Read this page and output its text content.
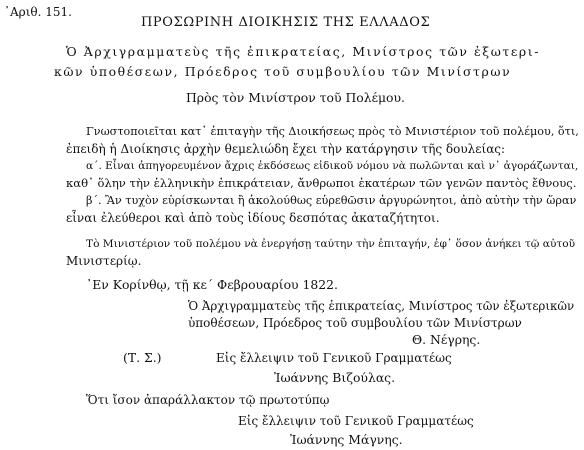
᾿Αριθ. 151.
ΠΡΟΣΩΡΙΝΗ ΔΙΟΙΚΗΣΙΣ ΤΗΣ ΕΛΛΑΔΟΣ
Ὁ Ἀρχιγραμματεὺς τῆς ἐπικρατείας, Μινίστρος τῶν ἐξωτερι-
κῶν ὑποθέσεων, Πρόεδρος τοῦ συμβουλίου τῶν Μινίστρων
Πρὸς τὸν Μινίστρον τοῦ Πολέμου.
Γνωστοποιεῖται κατ᾿ ἐπιταγὴν τῆς Διοικήσεως πρὸς τὸ Μινιστέριον τοῦ πολέμου, ὅτι,
ἐπειδὴ ἡ Διοίκησις ἀρχὴν θεμελιώδη ἔχει τὴν κατάργησιν τῆς δουλείας:
α΄. Εἶναι ἀπηγορευμένον ἄχρις ἐκδόσεως εἰδικοῦ νόμου νὰ πωλῶνται καὶ ν᾿ ἀγοράζωνται,
καθ᾿ ὅλην τὴν ἑλληνικὴν ἐπικράτειαν, ἄνθρωποι ἑκατέρων τῶν γενῶν παντὸς ἔθνους.
β΄. Ἂν τυχὸν εὑρίσκωνται ἢ ἀκολούθως εὑρεθῶσιν ἀργυρώνητοι, ἀπὸ αὐτὴν τὴν ὥραν
εἶναι ἐλεύθεροι καὶ ἀπὸ τοὺς ἰδίους δεσπότας ἀκαταζήτητοι.
Τὸ Μινιστέριον τοῦ πολέμου νὰ ἐνεργήσῃ ταύτην τὴν ἐπιταγήν, ἐφ᾿ ὅσον ἀνήκει τῷ αὐτοῦ
Μινιστερίῳ.
᾿Εν Κορίνθῳ, τῇ κε΄ Φεβρουαρίου 1822.
Ὁ Ἀρχιγραμματεὺς τῆς ἐπικρατείας, Μινίστρος τῶν ἐξωτερικῶν
ὑποθέσεων, Πρόεδρος τοῦ συμβουλίου τῶν Μινίστρων
Θ. Νέγρης.
(Τ. Σ.)	Εἰς ἔλλειψιν τοῦ Γενικοῦ Γραμματέως
Ἰωάννης Βιζούλας.
Ὅτι ἴσον ἀπαράλλακτον τῷ πρωτοτύπῳ
Εἰς ἔλλειψιν τοῦ Γενικοῦ Γραμματέως
Ἰωάννης Μάγνης.
